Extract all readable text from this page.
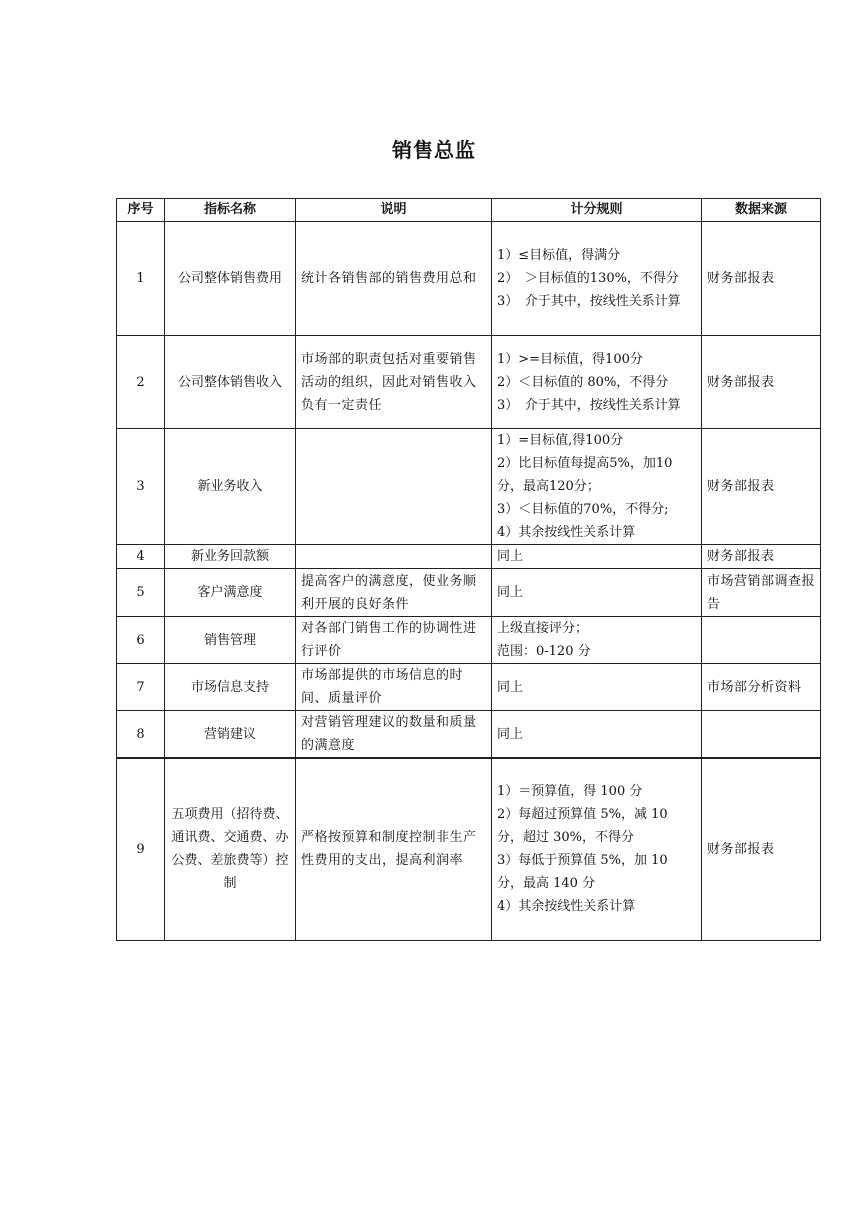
销售总监
序号	指标名称	说明	计分规则	数据来源
1	公司整体销售费用	统计各销售部的销售费用总和	1）≤目标值，得满分
2）　＞目标值的130%，不得分
3）　介于其中，按线性关系计算	财务部报表
2	公司整体销售收入	市场部的职责包括对重要销售活动的组织，因此对销售收入负有一定责任	1）>=目标值，得100分
2）＜目标值的 80%，不得分
3）　介于其中，按线性关系计算	财务部报表
3	新业务收入		1）=目标值,得100分
2）比目标值每提高5%，加10分，最高120分；
3）＜目标值的70%，不得分;
4）其余按线性关系计算	财务部报表
4	新业务回款额		同上	财务部报表
5	客户满意度	提高客户的满意度，使业务顺利开展的良好条件	同上	市场营销部调查报告
6	销售管理	对各部门销售工作的协调性进行评价	上级直接评分；
范围：0-120 分	

7	市场信息支持	市场部提供的市场信息的时间、质量评价	同上	市场部分析资料
8	营销建议	对营销管理建议的数量和质量的满意度	同上	

9	五项费用（招待费、通讯费、交通费、办公费、差旅费等）控制	严格按预算和制度控制非生产性费用的支出，提高利润率	1）＝预算值，得 100 分
2）每超过预算值 5%，减 10 分，超过 30%，不得分
3）每低于预算值 5%，加 10 分，最高 140 分
4）其余按线性关系计算	财务部报表
